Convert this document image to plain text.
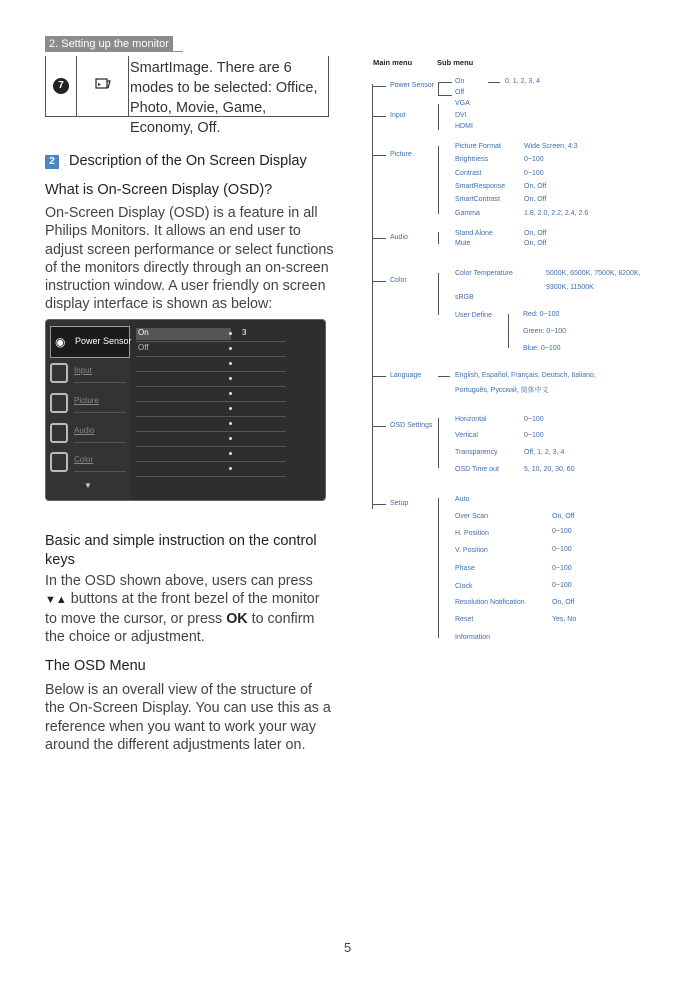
2. Setting up the monitor
7	▸
SmartImage. There are 6 modes to be selected: Office, Photo, Movie, Game, Economy, Off.
2 Description of the On Screen Display
What is On-Screen Display (OSD)?
On-Screen Display (OSD) is a feature in all Philips Monitors. It allows an end user to adjust screen performance or select functions of the monitors directly through an on-screen instruction window. A user friendly on screen display interface is shown as below:
◉ Power Sensor
Input
Picture
Audio
Color
▼
On
Off
3
Basic and simple instruction on the control keys
In the OSD shown above, users can press ▼▲ buttons at the front bezel of the monitor to move the cursor, or press OK to confirm the choice or adjustment.
The OSD Menu
Below is an overall view of the structure of the On-Screen Display. You can use this as a reference when you want to work your way around the different adjustments later on.
Main menu	Sub menu
Power Sensor
On
Off
0, 1, 2, 3, 4
Input
VGA
DVI
HDMI
Picture
Picture Format	Wide Screen, 4:3
Brightness	0~100
Contrast	0~100
SmartResponse	On, Off
SmartContrast	On, Off
Gamma	1.8, 2.0, 2.2, 2.4, 2.6
Audio
Stand Alone	On, Off
Mute	On, Off
Color
Color Temperature	5000K, 6500K, 7500K, 8200K,
9300K, 11500K
sRGB
User Define	Red: 0~100
Green: 0~100
Blue: 0~100
Language	English, Español, Français, Deutsch, Italiano,
Português, Русский, 简体中文
OSD Settings
Horizontal	0~100
Vertical	0~100
Transparency	Off, 1, 2, 3, 4
OSD Time out	5, 10, 20, 30, 60
Setup
Auto
Over Scan	On, Off
H. Position	0~100
V. Position	0~100
Phase	0~100
Clock	0~100
Resolution Notification	On, Off
Reset	Yes, No
Information
5
